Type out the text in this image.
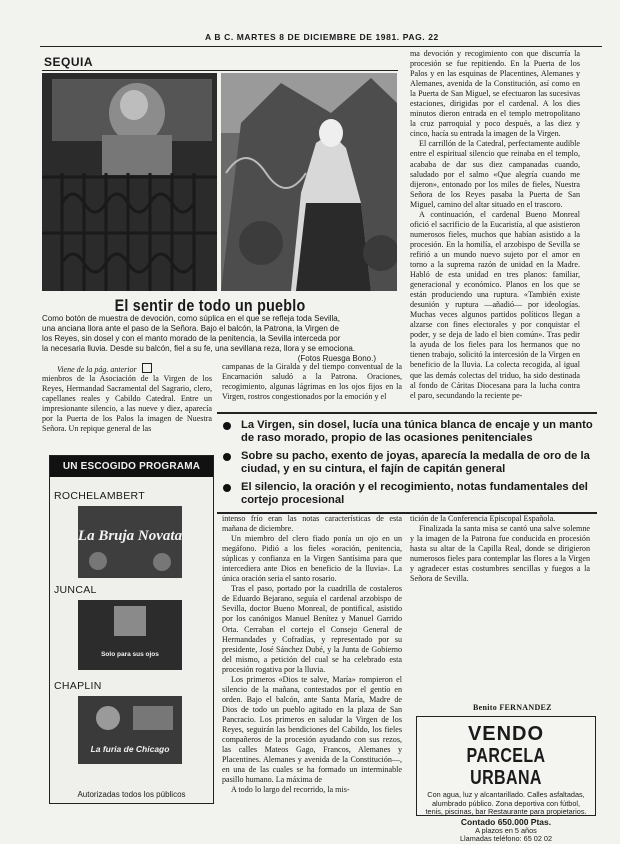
A B C. MARTES 8 DE DICIEMBRE DE 1981. PAG. 22
SEQUIA
El sentir de todo un pueblo
Como botón de muestra de devoción, como súplica en el que se refleja toda Sevilla,
una anciana llora ante el paso de la Señora. Bajo el balcón, la Patrona, la Virgen de
los Reyes, sin dosel y con el manto morado de la penitencia, la Sevilla interceda por
la necesaria lluvia. Desde su balcón, fiel a su fe, una sevillana reza, llora y se emociona.
(Fotos Ruesga Bono.)
Viene de la pág. anterior

mienbros de la Asociación de la Virgen de los Reyes, Hermandad Sacramental del Sagrario, clero, capellanes reales y Cabildo Catedral. Entre un impresionante silencio, a las nueve y diez, aparecía por la Puerta de los Palos la imagen de Nuestra Señora. Un repique general de las

campanas de la Giralda y del tiempo conventual de la Encarnación saludó a la Patrona. Oraciones, recogimiento, algunas lágrimas en los ojos fijos en la Virgen, rostros congestionados por la emoción y el

ma devoción y recogimiento con que discurría la procesión se fue repitiendo. En la Puerta de los Palos y en las esquinas de Placentines, Alemanes y Alemanes, avenida de la Constitución, así como en la Puerta de San Miguel, se efectuaron las sucesivas estaciones, dirigidas por el cardenal. A los dies minutos dieron entrada en el templo metropolitano la cruz parroquial y poco después, a las diez y cinco, hacía su entrada la imagen de la Virgen.

El carrillón de la Catedral, perfectamente audible entre el espiritual silencio que reinaba en el templo, acababa de dar sus diez campanadas cuando, saludado por el salmo «Que alegría cuando me dijeron», entonado por los miles de fieles, Nuestra Señora de los Reyes pasaba la Puerta de San Miguel, camino del altar situado en el trascoro.

A continuación, el cardenal Bueno Monreal ofició el sacrificio de la Eucaristía, al que asistieron numerosos fieles, muchos que habían asistido a la procesión. En la homilía, el arzobispo de Sevilla se refirió a un mundo nuevo sujeto por el amor en torno a la suprema razón de unidad en la Madre. Habló de esta unidad en tres planos: familiar, generacional y económico. Planos en los que se están produciendo una ruptura. «También existe desunión y ruptura —añadió— por ideologías. Muchas veces algunos partidos políticos llegan a alzarse con fines electorales y por conquistar el poder, y se deja de lado el bien común». Tras pedir la ayuda de los fieles para los hermanos que no tienen trabajo, solicitó la intercesión de la Virgen en beneficio de la lluvia. La colecta recogida, al igual que las demás colectas del triduo, ha sido destinada al fondo de Cáritas Diocesana para la lucha contra el paro, secundando la reciente pe-

La Virgen, sin dosel, lucía una túnica blanca de encaje y un manto de raso morado, propio de las ocasiones penitenciales
Sobre su pacho, exento de joyas, aparecía la medalla de oro de la ciudad, y en su cintura, el fajín de capitán general
El silencio, la oración y el recogimiento, notas fundamentales del cortejo procesional
UN ESCOGIDO PROGRAMA
ROCHELAMBERT
La Bruja Novata
JUNCAL
Solo para sus ojos
CHAPLIN
La furia de Chicago
Autorizadas todos los públicos

intenso frío eran las notas características de esta mañana de diciembre.

Un miembro del clero fiado ponía un ojo en un megáfono. Pidió a los fieles «oración, penitencia, súplicas y confianza en la Virgen Santísima para que intercediera ante Dios en beneficio de la lluvia». La única oración seria el santo rosario.

Tras el paso, portado por la cuadrilla de costaleros de Eduardo Bejarano, seguía el cardenal arzobispo de Sevilla, doctor Bueno Monreal, de pontifical, asistido por los canónigos Manuel Benítez y Manuel Garrido Orta. Cerraban el cortejo el Consejo General de Hermandades y Cofradías, y representado por su presidente, José Sánchez Dubé, y la Junta de Gobierno del mismo, a petición del cual se ha celebrado esta procesión rogativa por la lluvia.

Los primeros «Dios te salve, María» rompieron el silencio de la mañana, contestados por el gentío en orden. Bajo el balcón, ante Santa María, Madre de Dios de todo un pueblo agitado en la plaza de San Pancracio. Los primeros en saludar la Virgen de los Reyes, seguirán las bendiciones del Cabildo, los fieles compañeros de la procesión ayudando con sus rezos, las calles Mateos Gago, Francos, Alemanes y Placentines. Alemanes y avenida de la Constitución—, en una de las cuales se ha formado un interminable pasillo humano. La máxima de

A todo lo largo del recorrido, la mis-

tición de la Conferencia Episcopal Española.

Finalizada la santa misa se cantó una salve solemne y la imagen de la Patrona fue conducida en procesión hasta su altar de la Capilla Real, donde se dirigieron numerosos fieles para contemplar las flores a la Virgen y agradecer estas costumbres sencillas y fuegos a la Señora de Sevilla.

Benito FERNANDEZ
VENDO
PARCELA URBANA
Con agua, luz y alcantarillado. Calles asfaltadas, alumbrado público. Zona deportiva con fútbol, tenis, piscinas, bar Restaurante para propietarios.
Contado 650.000 Ptas.
A plazos en 5 años
Llamadas teléfono: 65 02 02
